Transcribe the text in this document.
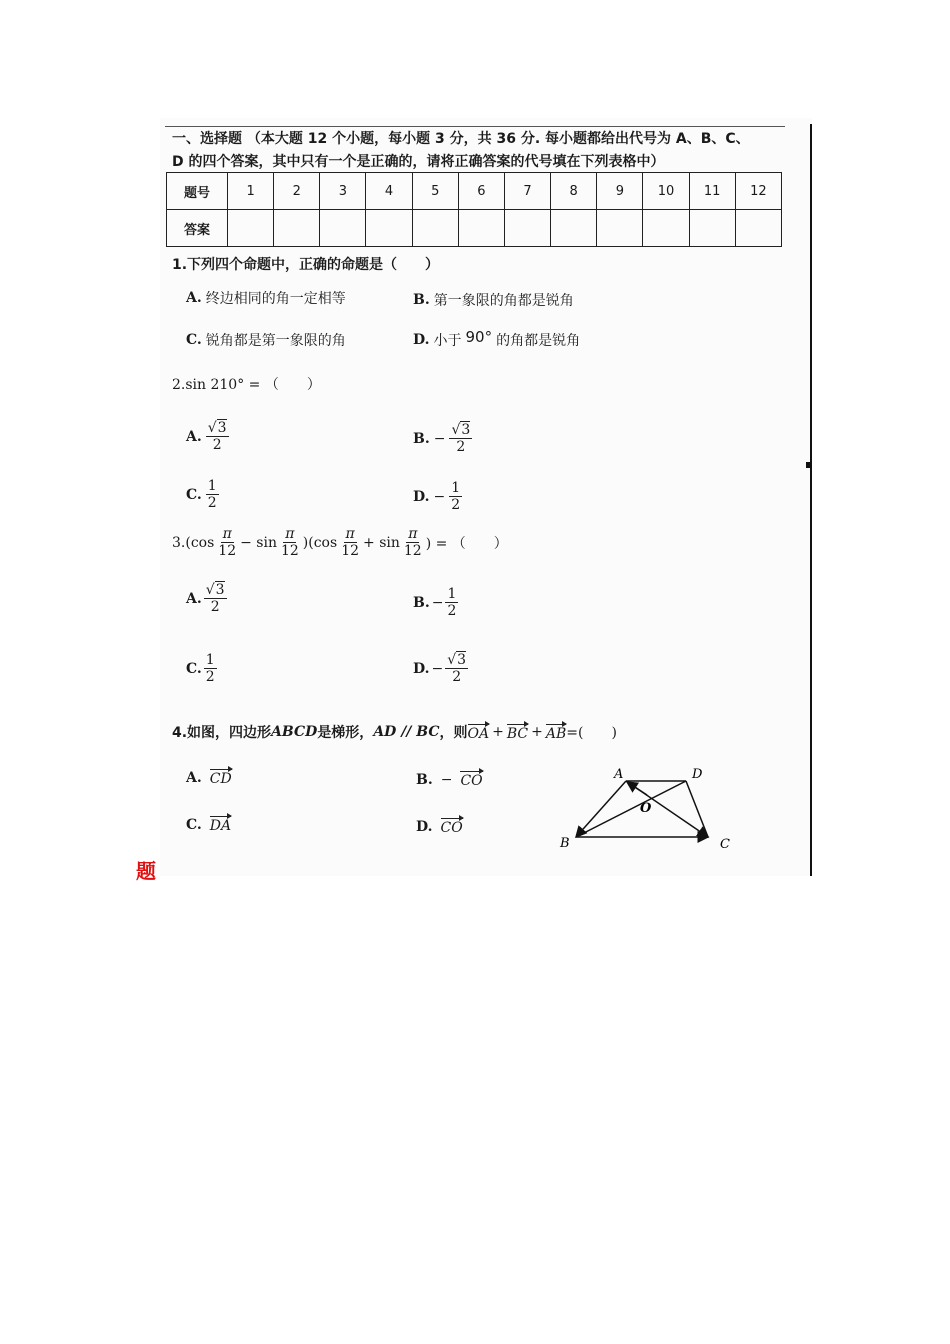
一、选择题 （本大题 12 个小题，每小题 3 分，共 36 分. 每小题都给出代号为 A、B、C、
D 的四个答案，其中只有一个是正确的，请将正确答案的代号填在下列表格中）
题号	1	2	3	4	5	6	7	8	9	10	11	12
答案												
1.下列四个命题中，正确的命题是（　　）
A. 终边相同的角一定相等	B. 第一象限的角都是锐角
C. 锐角都是第一象限的角	D. 小于 90° 的角都是锐角
2.sin 210° = （　　）
A. $\frac{√3}{2}$	B. − $\frac{√3}{2}$
C. $\frac{1}{2}$	D. − $\frac{1}{2}$
$3.(\cos \frac{\pi}{12} - \sin \frac{\pi}{12} )(\cos \frac{\pi}{12} + \sin \frac{\pi}{12}$ ) = （　　）
A. $\frac{√3}{2}$	B. − $\frac{1}{2}$
C. $\frac{1}{2}$	D. − $\frac{√3}{2}$
4.如图，四边形 ABCD 是梯形， AD // BC ，则 OA + BC + AB =(　　)
A. CD	B. − CO
C. DA	D. CO
A	D
O
B	C
题
